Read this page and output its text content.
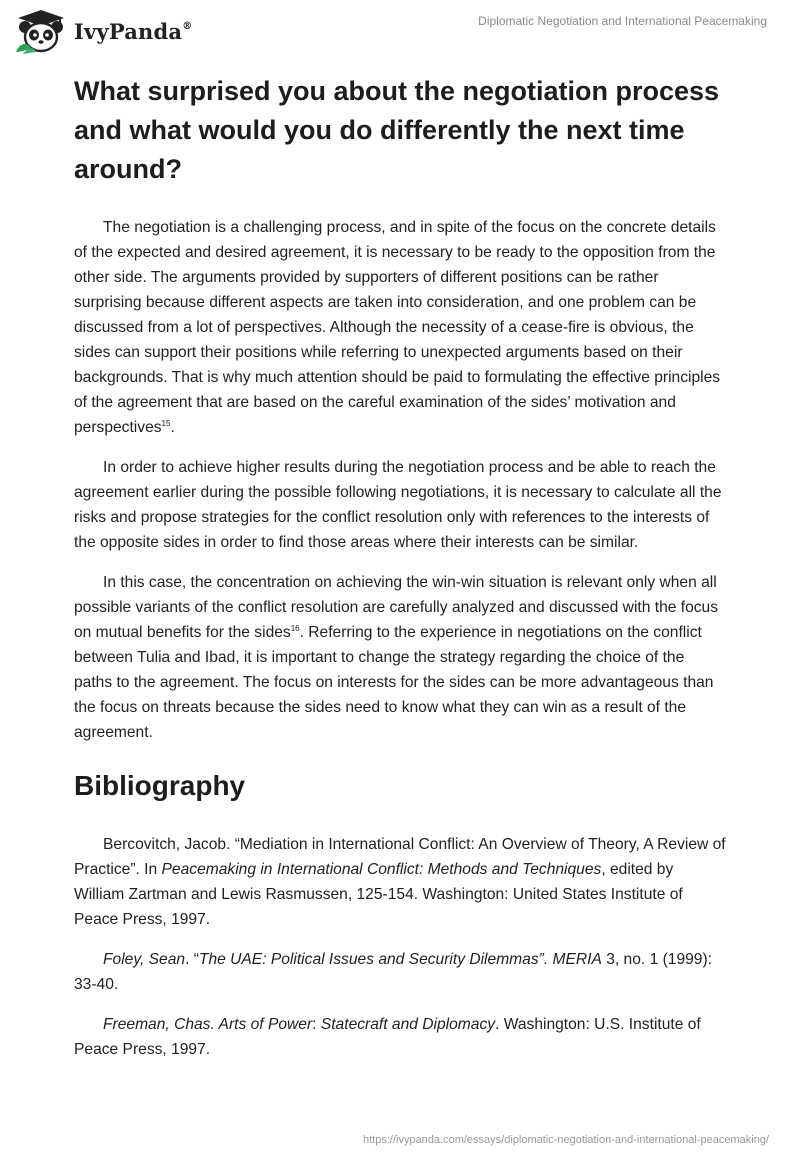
IvyPanda®	Diplomatic Negotiation and International Peacemaking
What surprised you about the negotiation process and what would you do differently the next time around?

The negotiation is a challenging process, and in spite of the focus on the concrete details of the expected and desired agreement, it is necessary to be ready to the opposition from the other side. The arguments provided by supporters of different positions can be rather surprising because different aspects are taken into consideration, and one problem can be discussed from a lot of perspectives. Although the necessity of a cease-fire is obvious, the sides can support their positions while referring to unexpected arguments based on their backgrounds. That is why much attention should be paid to formulating the effective principles of the agreement that are based on the careful examination of the sides’ motivation and perspectives$^{15}$.

In order to achieve higher results during the negotiation process and be able to reach the agreement earlier during the possible following negotiations, it is necessary to calculate all the risks and propose strategies for the conflict resolution only with references to the interests of the opposite sides in order to find those areas where their interests can be similar.

In this case, the concentration on achieving the win-win situation is relevant only when all possible variants of the conflict resolution are carefully analyzed and discussed with the focus on mutual benefits for the sides$^{16}$. Referring to the experience in negotiations on the conflict between Tulia and Ibad, it is important to change the strategy regarding the choice of the paths to the agreement. The focus on interests for the sides can be more advantageous than the focus on threats because the sides need to know what they can win as a result of the agreement.

Bibliography

Bercovitch, Jacob. “Mediation in International Conflict: An Overview of Theory, A Review of Practice”. In Peacemaking in International Conflict: Methods and Techniques, edited by William Zartman and Lewis Rasmussen, 125-154. Washington: United States Institute of Peace Press, 1997.

Foley, Sean. “The UAE: Political Issues and Security Dilemmas”. MERIA 3, no. 1 (1999): 33-40.

Freeman, Chas. Arts of Power: Statecraft and Diplomacy. Washington: U.S. Institute of Peace Press, 1997.

https://ivypanda.com/essays/diplomatic-negotiation-and-international-peacemaking/
